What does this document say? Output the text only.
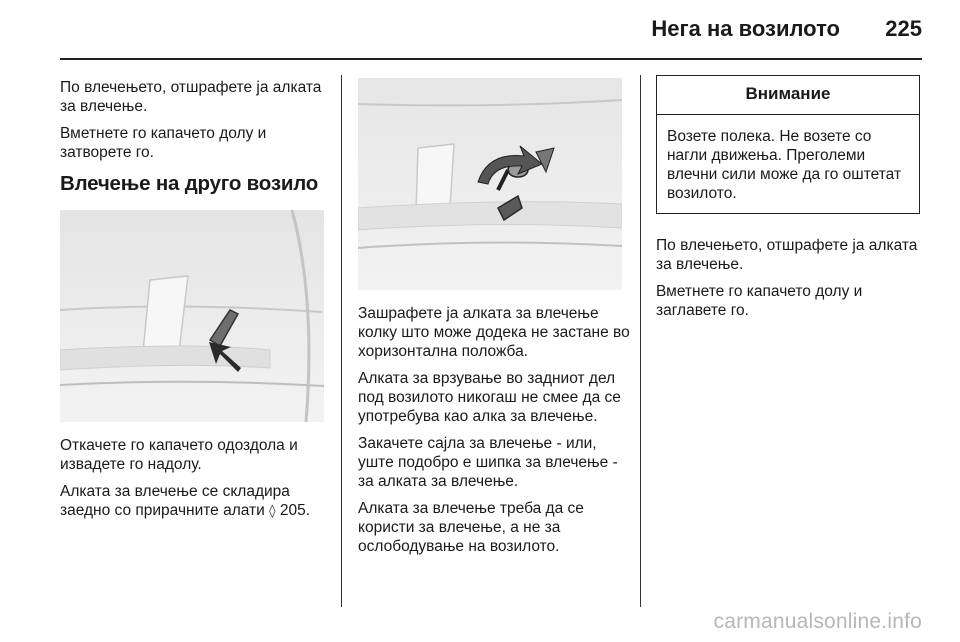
Нега на возилото 225

По влечењето, отшрафете ја алката за влечење.

Вметнете го капачето долу и затворете го.

Влечење на друго возило

Откачете го капачето одоздола и извадете го надолу.

Алката за влечење се складира заедно со прирачните алати ◊ 205.

Зашрафете ја алката за влечење колку што може додека не застане во хоризонтална положба.

Алката за врзување во задниот дел под возилото никогаш не смее да се употребува као алка за влечење.

Закачете сајла за влечење - или, уште подобро е шипка за влечење - за алката за влечење.

Алката за влечење треба да се користи за влечење, а не за ослободување на возилото.

Внимание
Возете полека. Не возете со нагли движења. Преголеми влечни сили може да го оштетат возилото.

По влечењето, отшрафете ја алката за влечење.

Вметнете го капачето долу и заглавете го.

carmanualsonline.info
